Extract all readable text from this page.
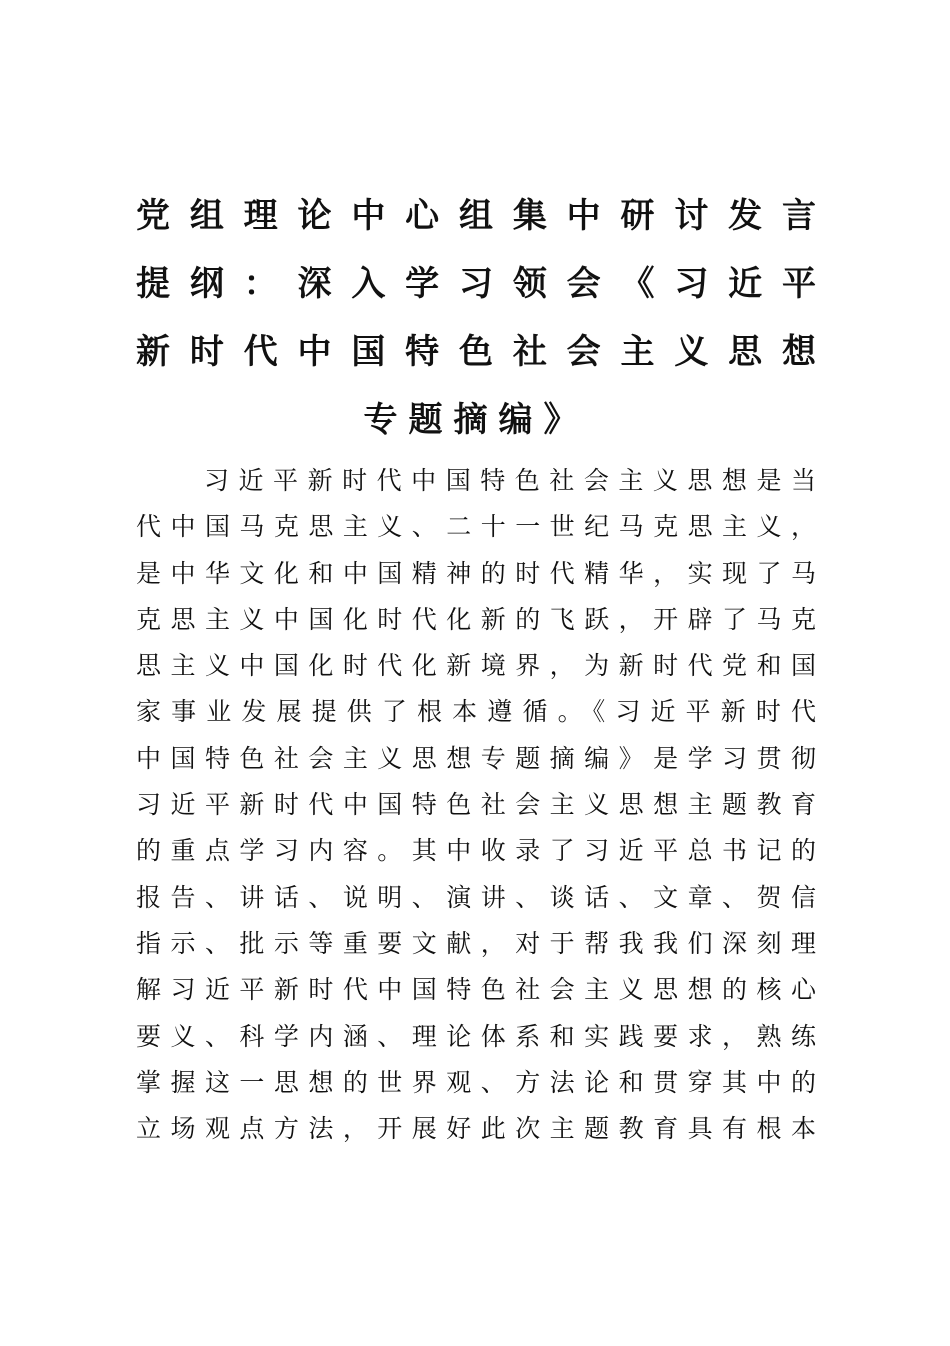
党组理论中心组集中研讨发言
提纲：深入学习领会《习近平
新时代中国特色社会主义思想
专题摘编》
习近平新时代中国特色社会主义思想是当
代中国马克思主义、二十一世纪马克思主义，
是中华文化和中国精神的时代精华，实现了马
克思主义中国化时代化新的飞跃，开辟了马克
思主义中国化时代化新境界，为新时代党和国
家事业发展提供了根本遵循。《习近平新时代
中国特色社会主义思想专题摘编》是学习贯彻
习近平新时代中国特色社会主义思想主题教育
的重点学习内容。其中收录了习近平总书记的
报告、讲话、说明、演讲、谈话、文章、贺信
指示、批示等重要文献，对于帮我我们深刻理
解习近平新时代中国特色社会主义思想的核心
要义、科学内涵、理论体系和实践要求，熟练
掌握这一思想的世界观、方法论和贯穿其中的
立场观点方法，开展好此次主题教育具有根本
